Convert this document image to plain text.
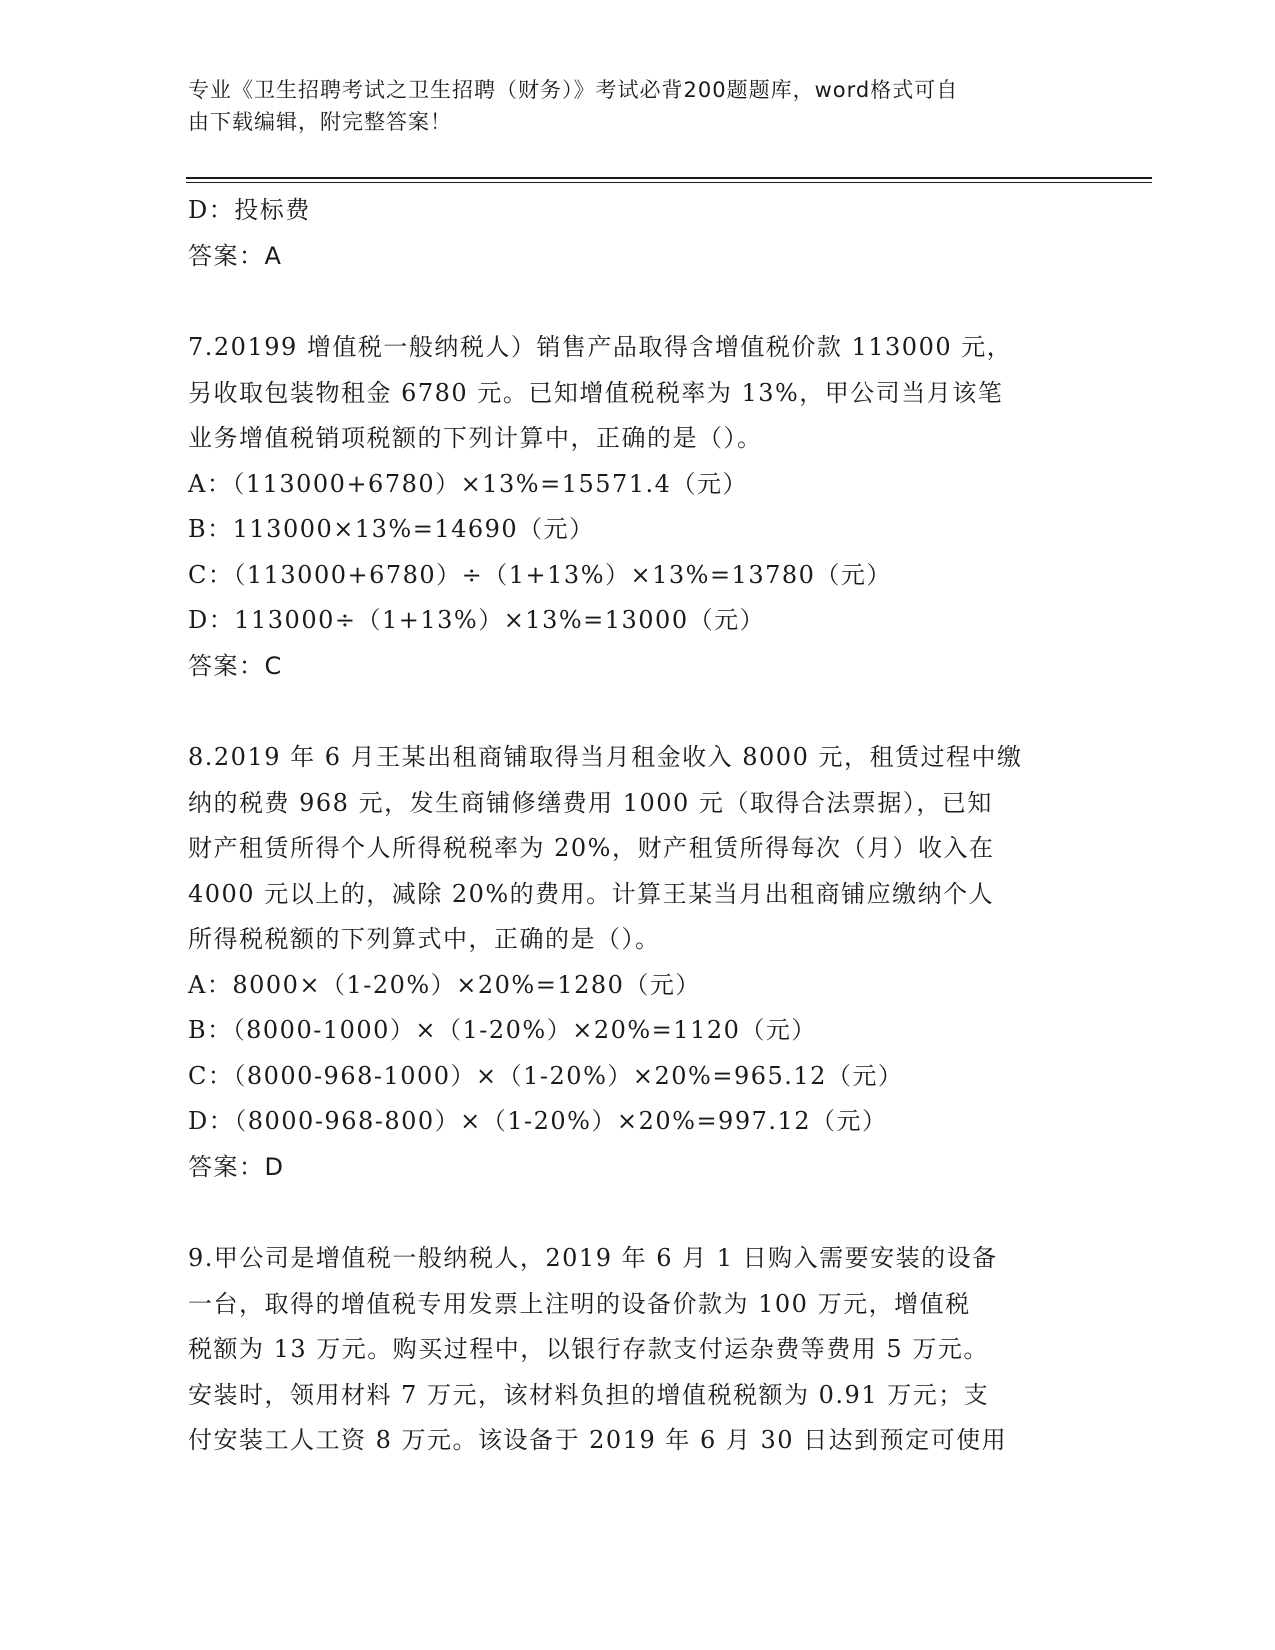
专业《卫生招聘考试之卫生招聘（财务）》考试必背200题题库，word格式可自
由下载编辑，附完整答案！
D：投标费
答案：A
7.20199 增值税一般纳税人）销售产品取得含增值税价款 113000 元，
另收取包装物租金 6780 元。已知增值税税率为 13%，甲公司当月该笔
业务增值税销项税额的下列计算中，正确的是（）。
A：（113000+6780）×13%=15571.4（元）
B：113000×13%=14690（元）
C：（113000+6780）÷（1+13%）×13%=13780（元）
D：113000÷（1+13%）×13%=13000（元）
答案：C
8.2019 年 6 月王某出租商铺取得当月租金收入 8000 元，租赁过程中缴
纳的税费 968 元，发生商铺修缮费用 1000 元（取得合法票据），已知
财产租赁所得个人所得税税率为 20%，财产租赁所得每次（月）收入在
4000 元以上的，减除 20%的费用。计算王某当月出租商铺应缴纳个人
所得税税额的下列算式中，正确的是（）。
A：8000×（1-20%）×20%=1280（元）
B：（8000-1000）×（1-20%）×20%=1120（元）
C：（8000-968-1000）×（1-20%）×20%=965.12（元）
D：（8000-968-800）×（1-20%）×20%=997.12（元）
答案：D
9.甲公司是增值税一般纳税人，2019 年 6 月 1 日购入需要安装的设备
一台，取得的增值税专用发票上注明的设备价款为 100 万元，增值税
税额为 13 万元。购买过程中，以银行存款支付运杂费等费用 5 万元。
安装时，领用材料 7 万元，该材料负担的增值税税额为 0.91 万元；支
付安装工人工资 8 万元。该设备于 2019 年 6 月 30 日达到预定可使用
